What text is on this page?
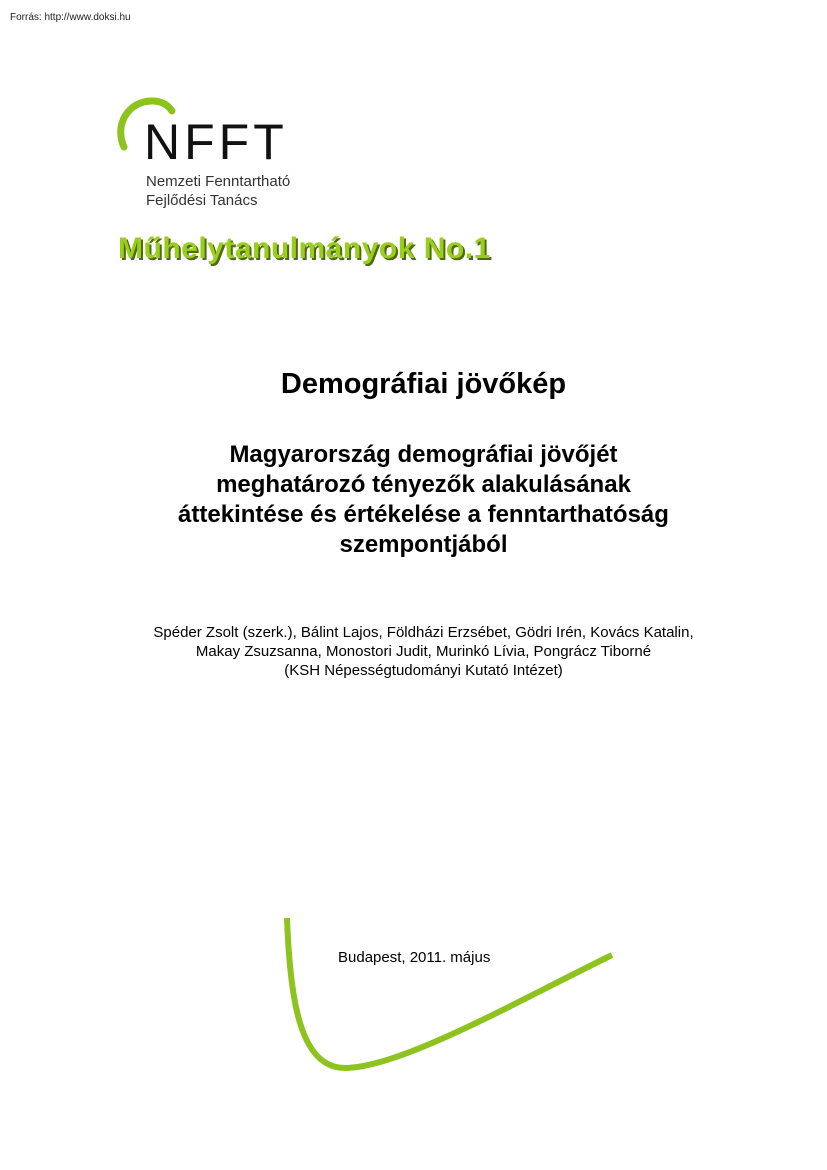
Forrás: http://www.doksi.hu
NFFT
Nemzeti Fenntartható
Fejlődési Tanács
Műhelytanulmányok No.1
Demográfiai jövőkép
Magyarország demográfiai jövőjét
meghatározó tényezők alakulásának
áttekintése és értékelése a fenntarthatóság
szempontjából
Spéder Zsolt (szerk.), Bálint Lajos, Földházi Erzsébet, Gödri Irén, Kovács Katalin,
Makay Zsuzsanna, Monostori Judit, Murinkó Lívia, Pongrácz Tiborné
(KSH Népességtudományi Kutató Intézet)
Budapest, 2011. május
